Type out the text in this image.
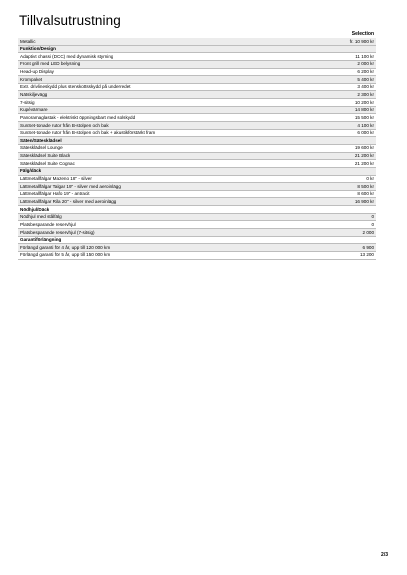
Tillvalsutrustning
Selection
Metallic	fr. 10 900 kr
Funktion/Design
Adaptivt chassi (DCC) med dynamisk styrning	11 100 kr
Front grill med LED belysning	2 000 kr
Head-up Display	6 200 kr
Krompaket	5 400 kr
Extr. drivlineskydd plus stenskottsskydd på underredet	3 400 kr
Nätskiljevägg	2 300 kr
7-sitsig	10 200 kr
Kupévärmare	14 800 kr
Panoramaglastak - elektriskt öppningsbart med solskydd	15 500 kr
SunSet-tonade rutor från B-stolpen och bak	4 100 kr
SunSet-tonade rutor från B-stolpen och bak + akustikförstärkt fram	6 000 kr
Säten/Sätesklädsel
Sätesklädsel Lounge	19 600 kr
Sätesklädsel Suite Black	21 200 kr
Sätesklädsel Suite Cognac	21 200 kr
Fälg/däck
Lättmetallfälgar Mazeno 18" - silver	0 kr
Lättmetallfälgar Talgar 19" - silver med aeroinlägg	8 500 kr
Lättmetallfälgar Hafo 19" - antracit	8 600 kr
Lättmetallfälgar Rila 20" - silver med aeroinlägg	16 900 kr
Nödhjul/Däck
Nödhjul med stålfälg	0
Platsbesparande reservhjul	0
Platsbesparande reservhjul (7-sitsig)	2 000
Garantiförlängning
Förlängd garanti för 4 år, upp till 120 000 km	6 900
Förlängd garanti för 5 år, upp till 150 000 km	13 200
2/3
